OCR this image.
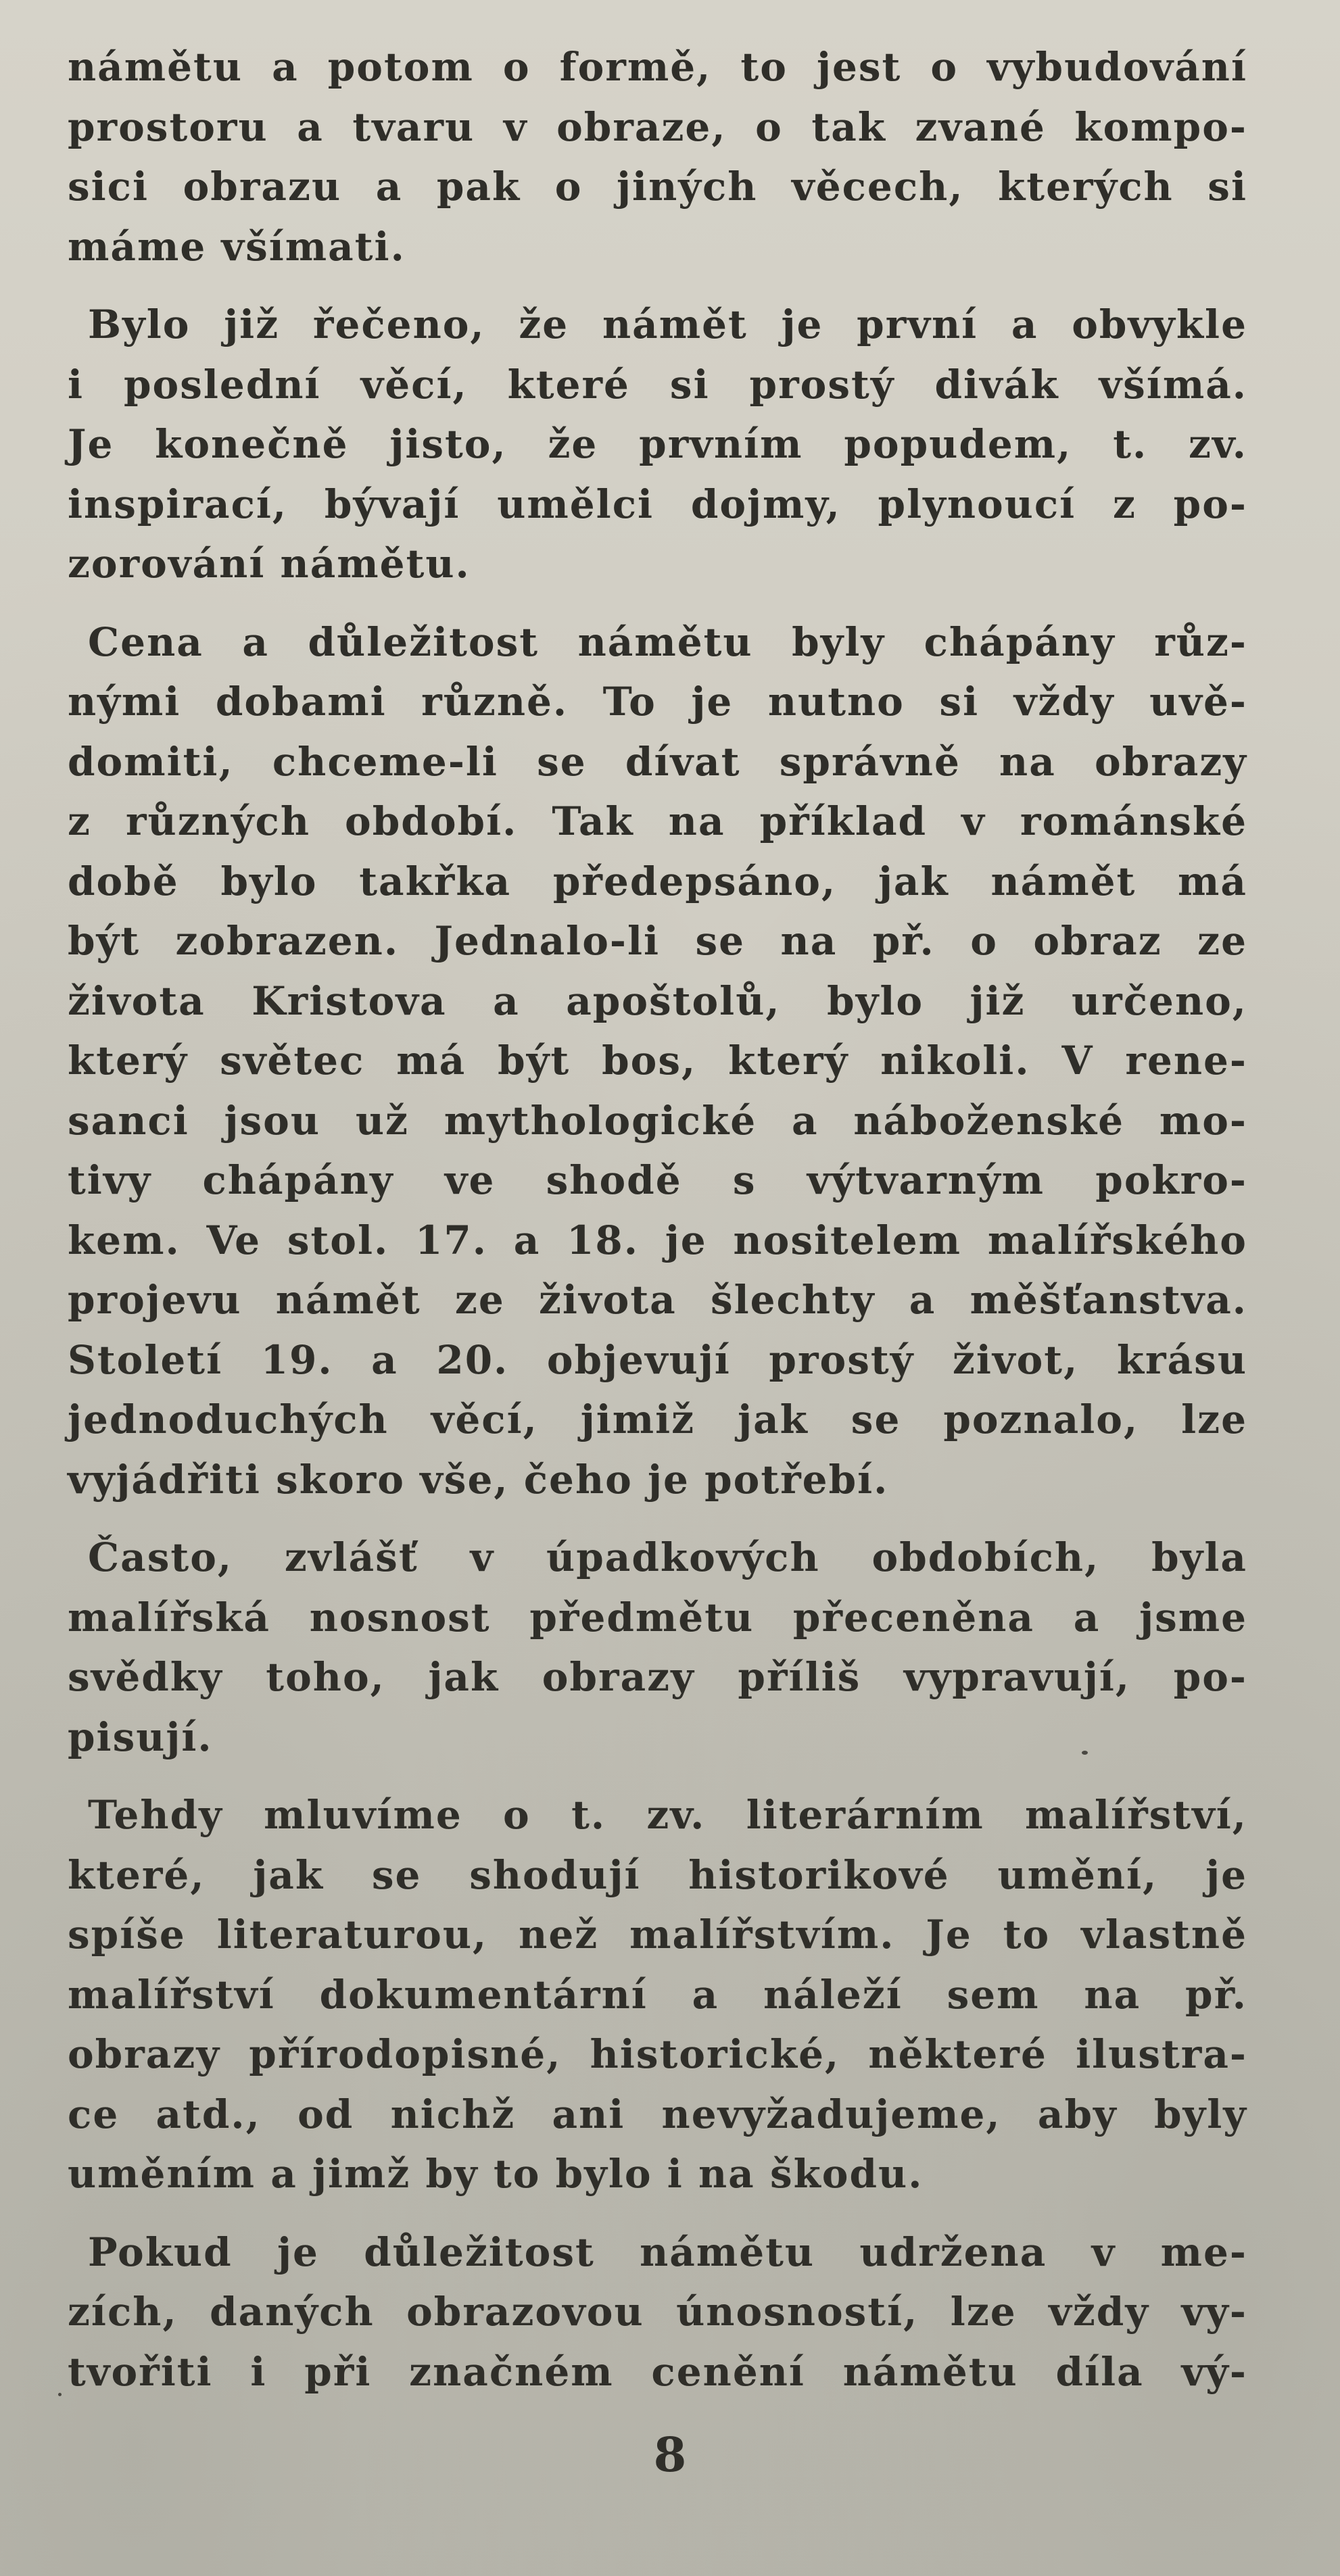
námětu a potom o formě, to jest o vybudování
prostoru a tvaru v obraze, o tak zvané kompo-
sici obrazu a pak o jiných věcech, kterých si
máme všímati.
Bylo již řečeno, že námět je první a obvykle
i poslední věcí, které si prostý divák všímá.
Je konečně jisto, že prvním popudem, t. zv.
inspirací, bývají umělci dojmy, plynoucí z po-
zorování námětu.
Cena a důležitost námětu byly chápány růz-
nými dobami různě. To je nutno si vždy uvě-
domiti, chceme-li se dívat správně na obrazy
z různých období. Tak na příklad v románské
době bylo takřka předepsáno, jak námět má
být zobrazen. Jednalo-li se na př. o obraz ze
života Kristova a apoštolů, bylo již určeno,
který světec má být bos, který nikoli. V rene-
sanci jsou už mythologické a náboženské mo-
tivy chápány ve shodě s výtvarným pokro-
kem. Ve stol. 17. a 18. je nositelem malířského
projevu námět ze života šlechty a měšťanstva.
Století 19. a 20. objevují prostý život, krásu
jednoduchých věcí, jimiž jak se poznalo, lze
vyjádřiti skoro vše, čeho je potřebí.
Často, zvlášť v úpadkových obdobích, byla
malířská nosnost předmětu přeceněna a jsme
svědky toho, jak obrazy příliš vypravují, po-
pisují.
Tehdy mluvíme o t. zv. literárním malířství,
které, jak se shodují historikové umění, je
spíše literaturou, než malířstvím. Je to vlastně
malířství dokumentární a náleží sem na př.
obrazy přírodopisné, historické, některé ilustra-
ce atd., od nichž ani nevyžadujeme, aby byly
uměním a jimž by to bylo i na škodu.
Pokud je důležitost námětu udržena v me-
zích, daných obrazovou únosností, lze vždy vy-
tvořiti i při značném cenění námětu díla vý-
8
